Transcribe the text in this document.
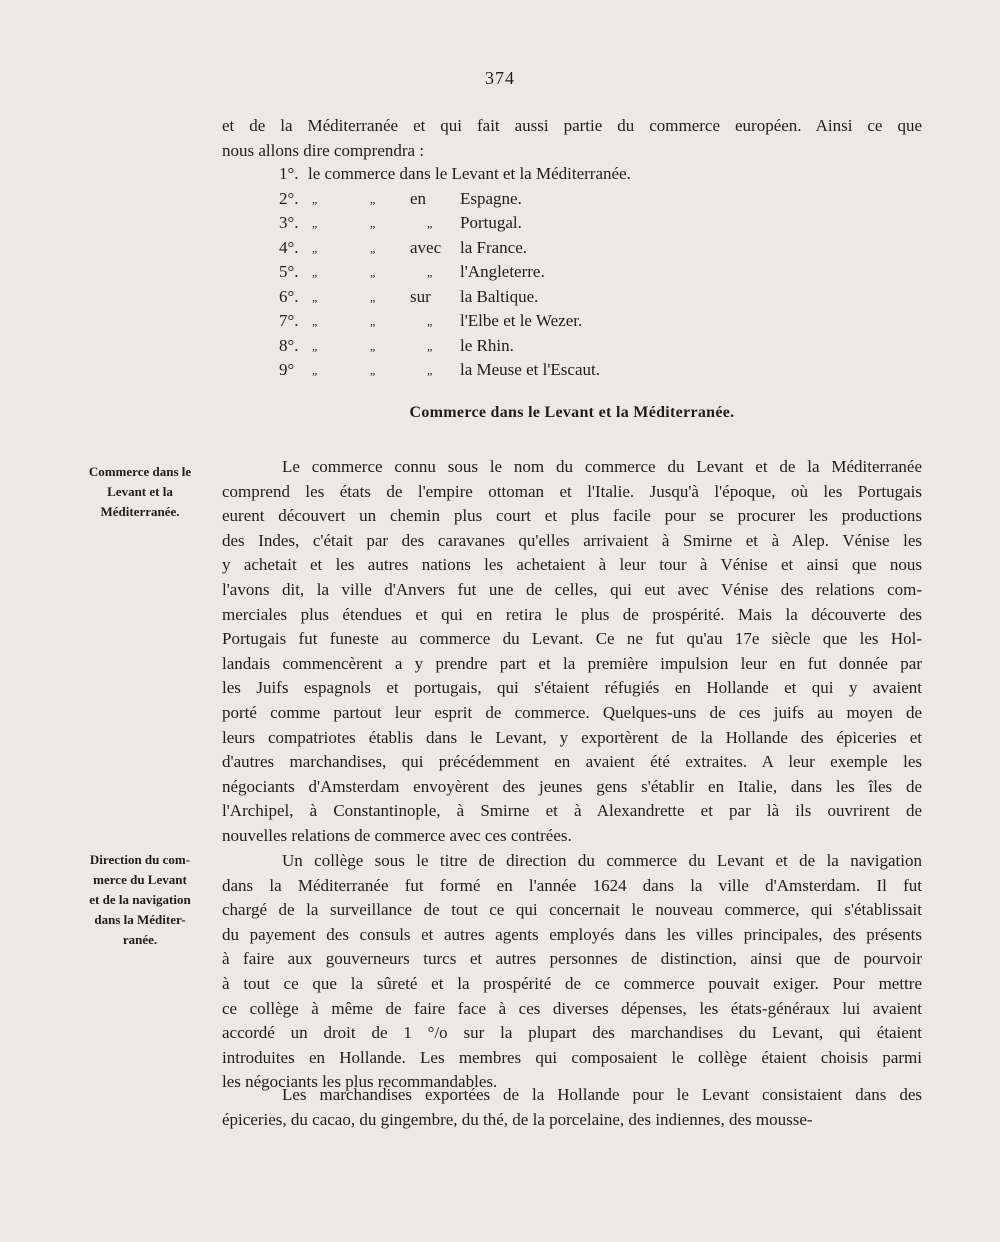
374

et de la Méditerranée et qui fait aussi partie du commerce européen. Ainsi ce que

nous allons dire comprendra :

1°. le commerce dans le Levant et la Méditerranée.
2°. „	„ en Espagne.
3°. „	„	„ Portugal.
4°. „	„ avec la France.
5°. „	„	„ l'Angleterre.
6°. „	„ sur la Baltique.
7°. „	„	„ l'Elbe et le Wezer.
8°. „	„	„ le Rhin.
9° „	„	„ la Meuse et l'Escaut.
Commerce dans le Levant et la Méditerranée.
Commerce dans le
Levant et la
Méditerranée.
Direction du com-
merce du Levant
et de la navigation
dans la Méditer-
ranée.
Le commerce connu sous le nom du commerce du Levant et de la Méditerranée
comprend les états de l'empire ottoman et l'Italie. Jusqu'à l'époque, où les Portugais
eurent découvert un chemin plus court et plus facile pour se procurer les productions
des Indes, c'était par des caravanes qu'elles arrivaient à Smirne et à Alep. Vénise les
y achetait et les autres nations les achetaient à leur tour à Vénise et ainsi que nous
l'avons dit, la ville d'Anvers fut une de celles, qui eut avec Vénise des relations com-
merciales plus étendues et qui en retira le plus de prospérité. Mais la découverte des
Portugais fut funeste au commerce du Levant. Ce ne fut qu'au 17e siècle que les Hol-
landais commencèrent a y prendre part et la première impulsion leur en fut donnée par
les Juifs espagnols et portugais, qui s'étaient réfugiés en Hollande et qui y avaient
porté comme partout leur esprit de commerce. Quelques-uns de ces juifs au moyen de
leurs compatriotes établis dans le Levant, y exportèrent de la Hollande des épiceries et
d'autres marchandises, qui précédemment en avaient été extraites. A leur exemple les
négociants d'Amsterdam envoyèrent des jeunes gens s'établir en Italie, dans les îles de
l'Archipel, à Constantinople, à Smirne et à Alexandrette et par là ils ouvrirent de
nouvelles relations de commerce avec ces contrées.
Un collège sous le titre de direction du commerce du Levant et de la navigation
dans la Méditerranée fut formé en l'année 1624 dans la ville d'Amsterdam. Il fut
chargé de la surveillance de tout ce qui concernait le nouveau commerce, qui s'établissait
du payement des consuls et autres agents employés dans les villes principales, des présents
à faire aux gouverneurs turcs et autres personnes de distinction, ainsi que de pourvoir
à tout ce que la sûreté et la prospérité de ce commerce pouvait exiger. Pour mettre
ce collège à même de faire face à ces diverses dépenses, les états-généraux lui avaient
accordé un droit de 1 °/o sur la plupart des marchandises du Levant, qui étaient
introduites en Hollande. Les membres qui composaient le collège étaient choisis parmi
les négociants les plus recommandables.
Les marchandises exportées de la Hollande pour le Levant consistaient dans des
épiceries, du cacao, du gingembre, du thé, de la porcelaine, des indiennes, des mousse-
